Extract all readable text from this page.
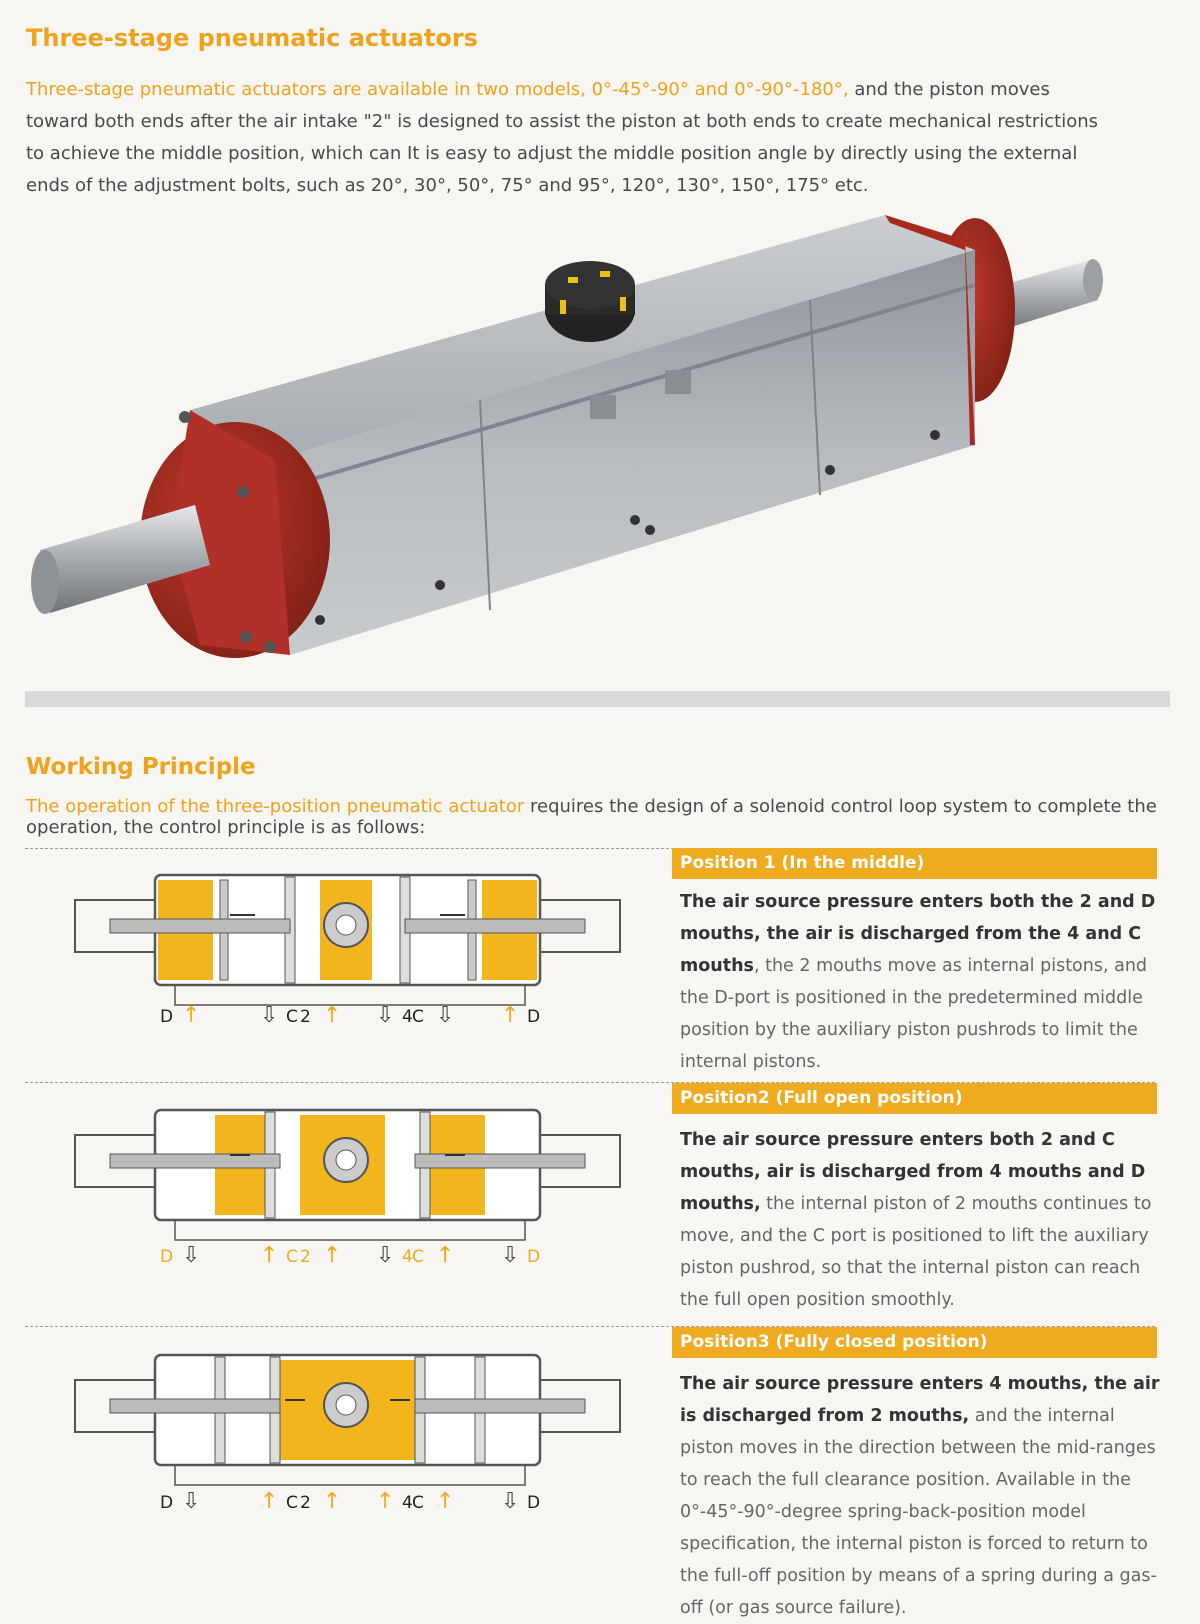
Three-stage pneumatic actuators
Three-stage pneumatic actuators are available in two models, 0°-45°-90° and 0°-90°-180°, and the piston moves toward both ends after the air intake "2" is designed to assist the piston at both ends to create mechanical restrictions to achieve the middle position, which can It is easy to adjust the middle position angle by directly using the external ends of the adjustment bolts, such as 20°, 30°, 50°, 75° and 95°, 120°, 130°, 150°, 175° etc.
Working Principle
The operation of the three-position pneumatic actuator requires the design of a solenoid control loop system to complete the operation, the control principle is as follows:
D ↑	C
⇩ 2 ↑	4
⇩ C ⇩	D
↑
D ⇩	C
↑ 2 ↑	4
⇩ C ↑	D
⇩
D ⇩	C
↑ 2 ↑	4
↑ C ↑	D
⇩
Position 1 (In the middle)
The air source pressure enters both the 2 and D mouths, the air is discharged from the 4 and C mouths, the 2 mouths move as internal pistons, and the D-port is positioned in the predetermined middle position by the auxiliary piston pushrods to limit the internal pistons.
Position2 (Full open position)
The air source pressure enters both 2 and C mouths, air is discharged from 4 mouths and D mouths, the internal piston of 2 mouths continues to move, and the C port is positioned to lift the auxiliary piston pushrod, so that the internal piston can reach the full open position smoothly.
Position3 (Fully closed position)
The air source pressure enters 4 mouths, the air is discharged from 2 mouths, and the internal piston moves in the direction between the mid-ranges to reach the full clearance position. Available in the 0°-45°-90°-degree spring-back-position model specification, the internal piston is forced to return to the full-off position by means of a spring during a gas-off (or gas source failure).
